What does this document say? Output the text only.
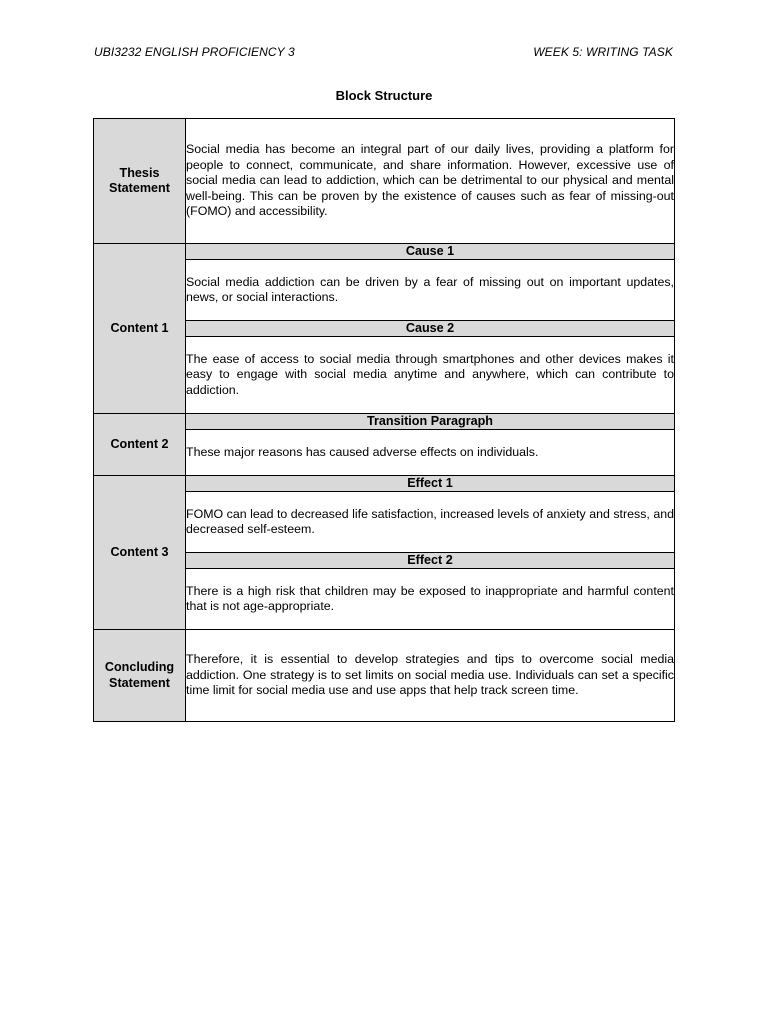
UBI3232 ENGLISH PROFICIENCY 3	WEEK 5: WRITING TASK
Block Structure
Thesis Statement	Social media has become an integral part of our daily lives, providing a platform for people to connect, communicate, and share information. However, excessive use of social media can lead to addiction, which can be detrimental to our physical and mental well-being. This can be proven by the existence of causes such as fear of missing-out (FOMO) and accessibility.
Content 1	Cause 1
	Social media addiction can be driven by a fear of missing out on important updates, news, or social interactions.
	Cause 2
	The ease of access to social media through smartphones and other devices makes it easy to engage with social media anytime and anywhere, which can contribute to addiction.
Content 2	Transition Paragraph
	These major reasons has caused adverse effects on individuals.
Content 3	Effect 1
	FOMO can lead to decreased life satisfaction, increased levels of anxiety and stress, and decreased self-esteem.
	Effect 2
	There is a high risk that children may be exposed to inappropriate and harmful content that is not age-appropriate.
Concluding Statement	Therefore, it is essential to develop strategies and tips to overcome social media addiction. One strategy is to set limits on social media use. Individuals can set a specific time limit for social media use and use apps that help track screen time.
